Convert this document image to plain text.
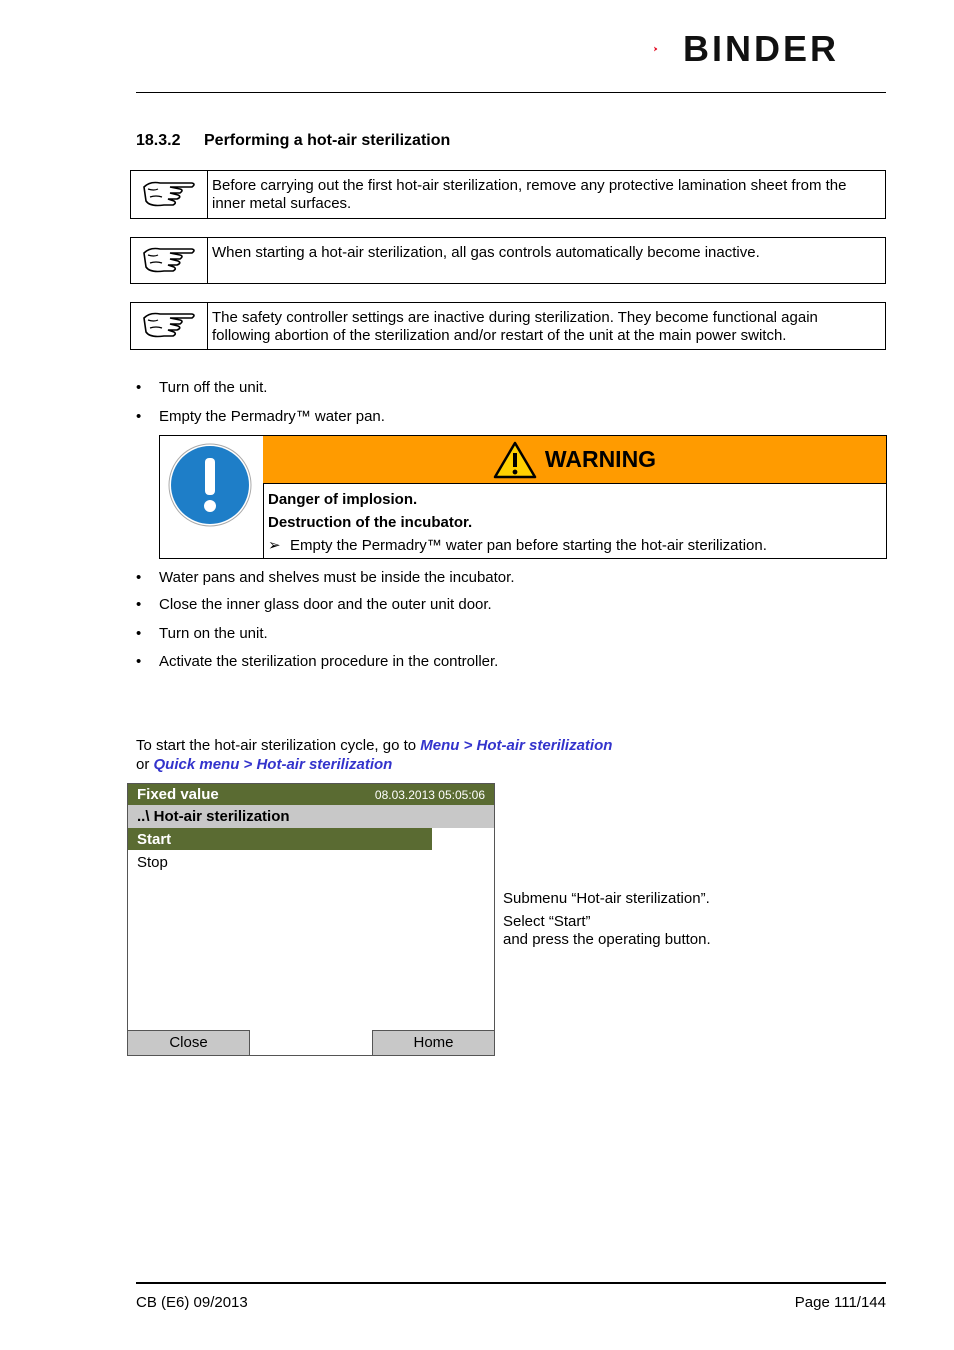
BINDER
18.3.2 Performing a hot-air sterilization
Before carrying out the first hot-air sterilization, remove any protective lamination sheet from the inner metal surfaces.
When starting a hot-air sterilization, all gas controls automatically become inactive.
The safety controller settings are inactive during sterilization. They become functional again following abortion of the sterilization and/or restart of the unit at the main power switch.
• Turn off the unit.
• Empty the Permadry™ water pan.
WARNING
Danger of implosion.
Destruction of the incubator.
➢ Empty the Permadry™ water pan before starting the hot-air sterilization.
• Water pans and shelves must be inside the incubator.
• Close the inner glass door and the outer unit door.
• Turn on the unit.
• Activate the sterilization procedure in the controller.
To start the hot-air sterilization cycle, go to Menu > Hot-air sterilization
or Quick menu > Hot-air sterilization
Fixed value	08.03.2013 05:05:06
..\ Hot-air sterilization
Start
Stop
Close	Home

Submenu “Hot-air sterilization”.

Select “Start”
and press the operating button.
CB (E6) 09/2013	Page 111/144
